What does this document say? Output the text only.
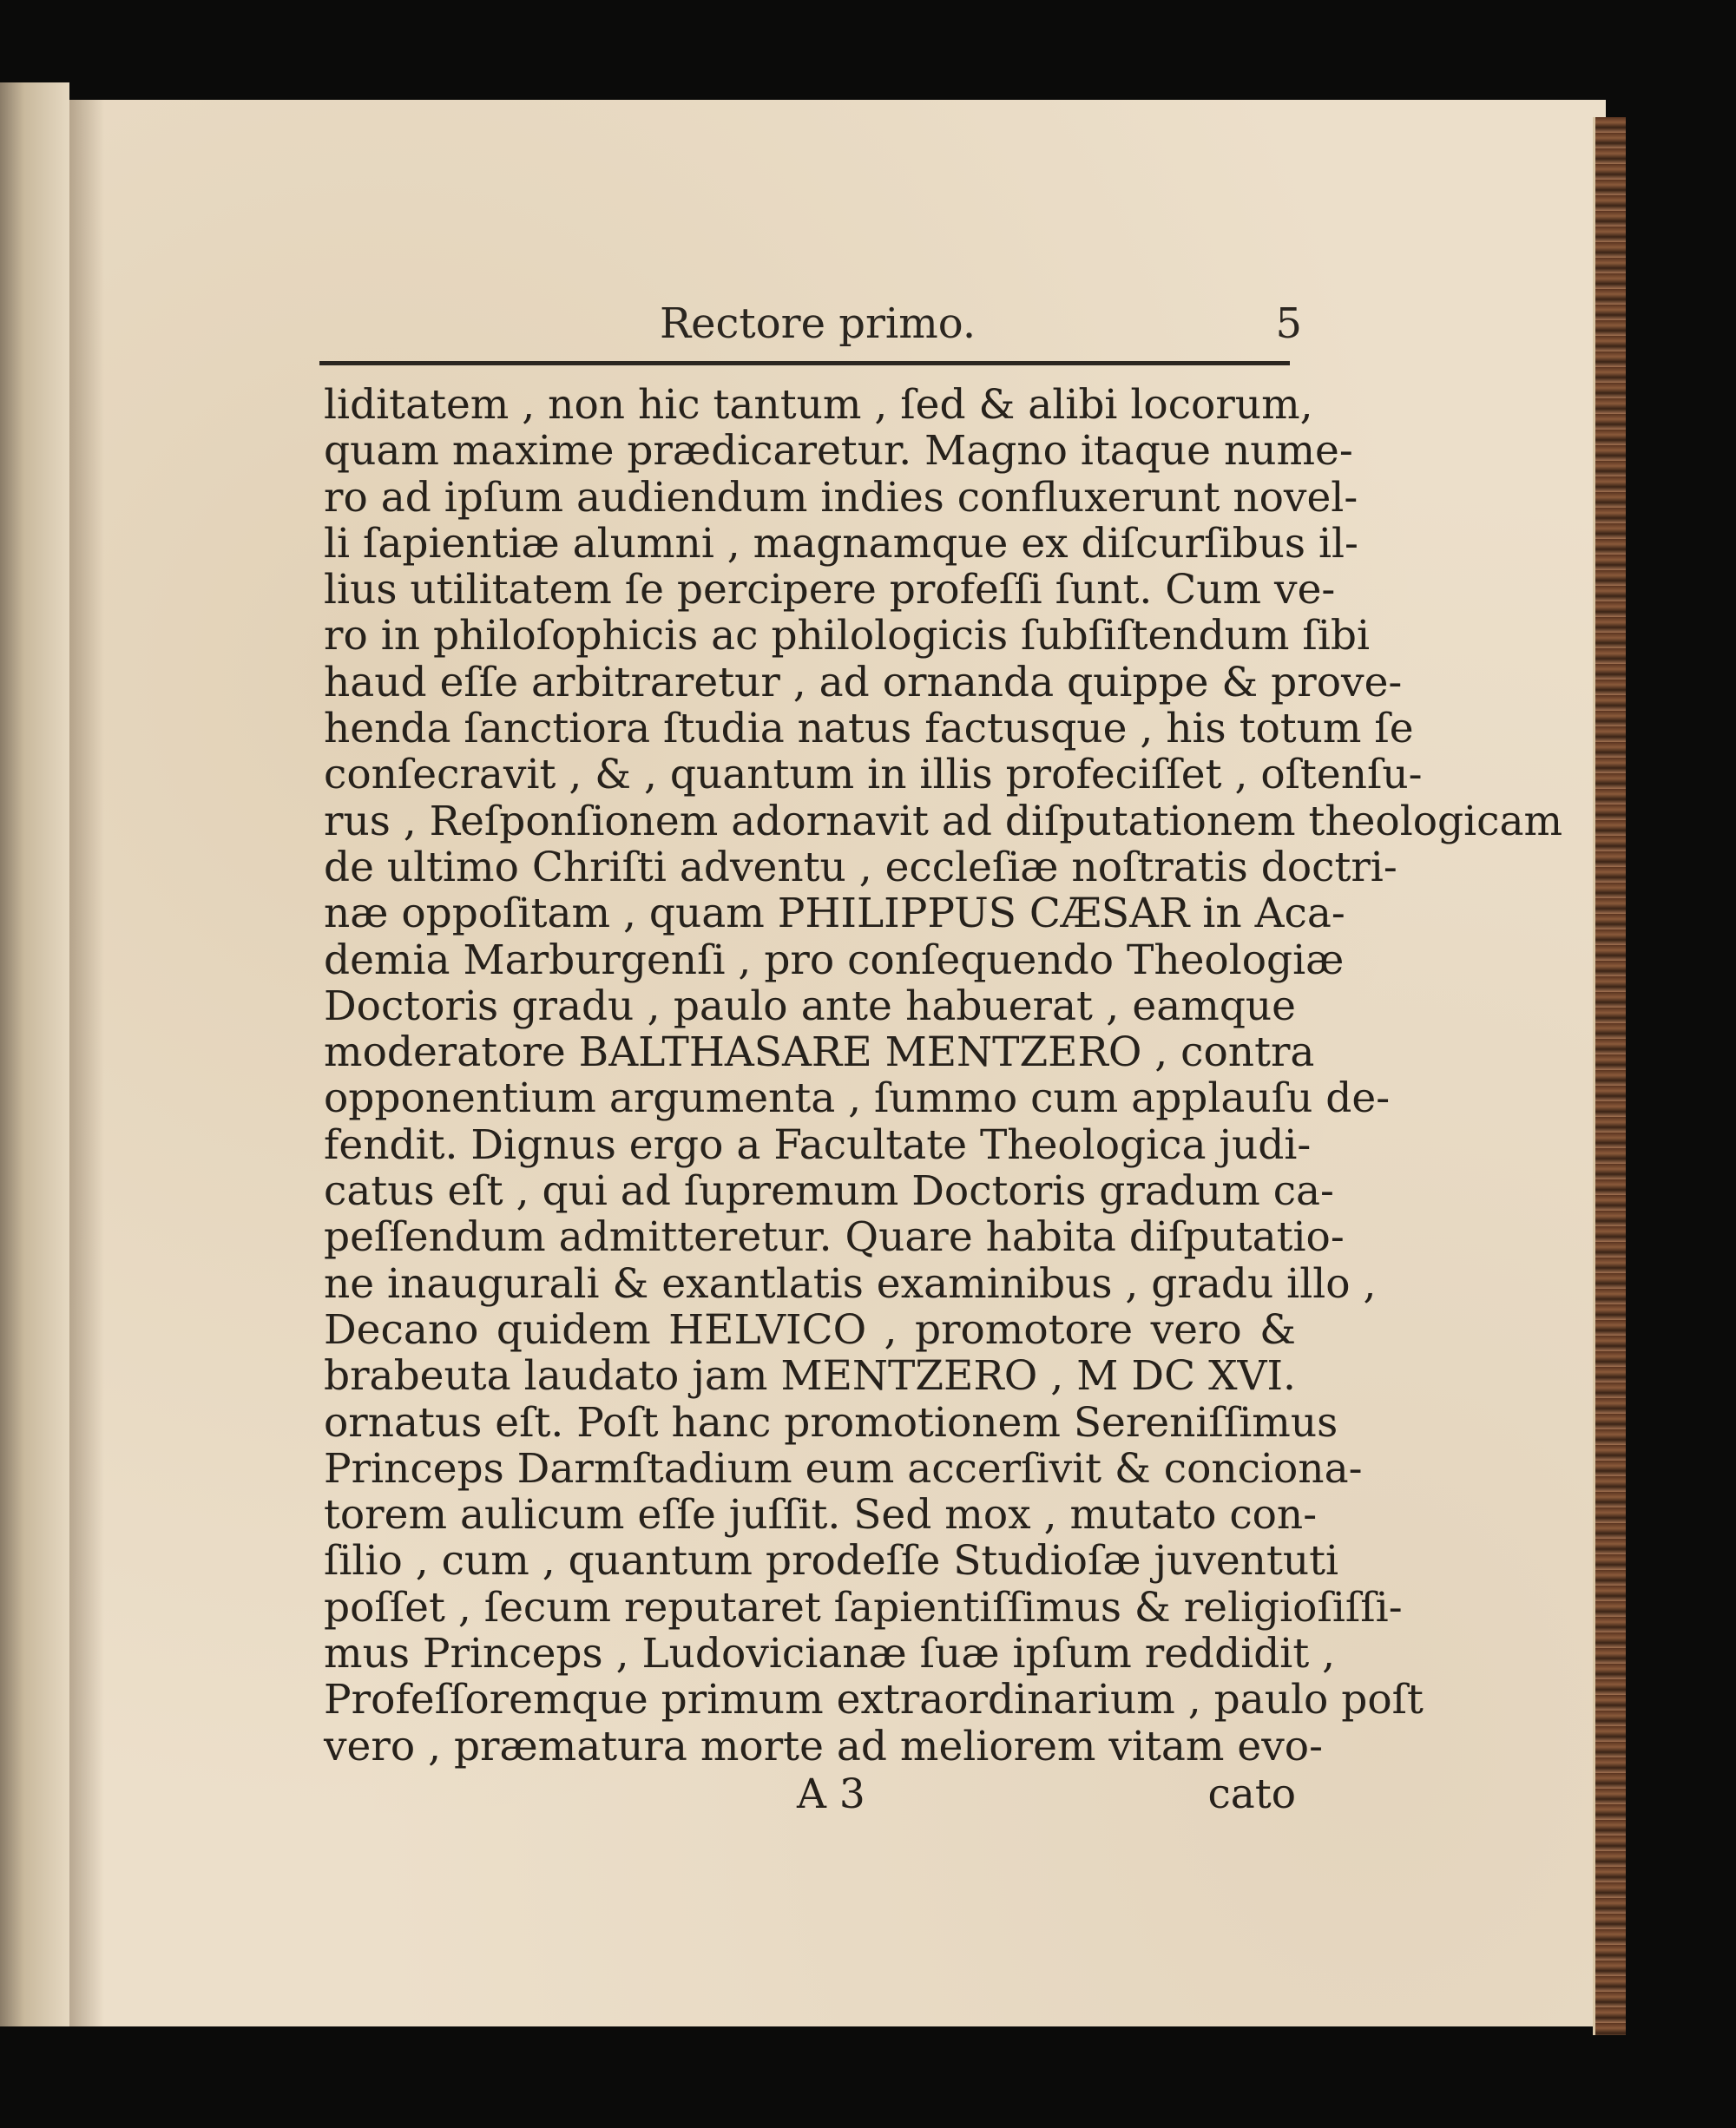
Rectore primo.	5
liditatem , non hic tantum , ſed & alibi locorum,
quam maxime prædicaretur. Magno itaque nume-
ro ad ipſum audiendum indies confluxerunt novel-
li ſapientiæ alumni , magnamque ex diſcurſibus il-
lius utilitatem ſe percipere profeſſi ſunt. Cum ve-
ro in philoſophicis ac philologicis ſubſiſtendum ſibi
haud eſſe arbitraretur , ad ornanda quippe & prove-
henda ſanctiora ſtudia natus factusque , his totum ſe
conſecravit , & , quantum in illis profeciſſet , oſtenſu-
rus , Reſponſionem adornavit ad diſputationem theologicam
de ultimo Chriſti adventu , eccleſiæ noſtratis doctri-
næ oppoſitam , quam PHILIPPUS CÆSAR in Aca-
demia Marburgenſi , pro conſequendo Theologiæ
Doctoris gradu , paulo ante habuerat , eamque
moderatore BALTHASARE MENTZERO , contra
opponentium argumenta , ſummo cum applauſu de-
fendit. Dignus ergo a Facultate Theologica judi-
catus eſt , qui ad ſupremum Doctoris gradum ca-
peſſendum admitteretur. Quare habita diſputatio-
ne inaugurali & exantlatis examinibus , gradu illo ,
Decano quidem HELVICO , promotore vero &
brabeuta laudato jam MENTZERO , M DC XVI.
ornatus eſt. Poſt hanc promotionem Sereniſſimus
Princeps Darmſtadium eum accerſivit & conciona-
torem aulicum eſſe juſſit. Sed mox , mutato con-
ſilio , cum , quantum prodeſſe Studioſæ juventuti
poſſet , ſecum reputaret ſapientiſſimus & religioſiſſi-
mus Princeps , Ludovicianæ ſuæ ipſum reddidit ,
Profeſſoremque primum extraordinarium , paulo poſt
vero , præmatura morte ad meliorem vitam evo-
A 3	cato
